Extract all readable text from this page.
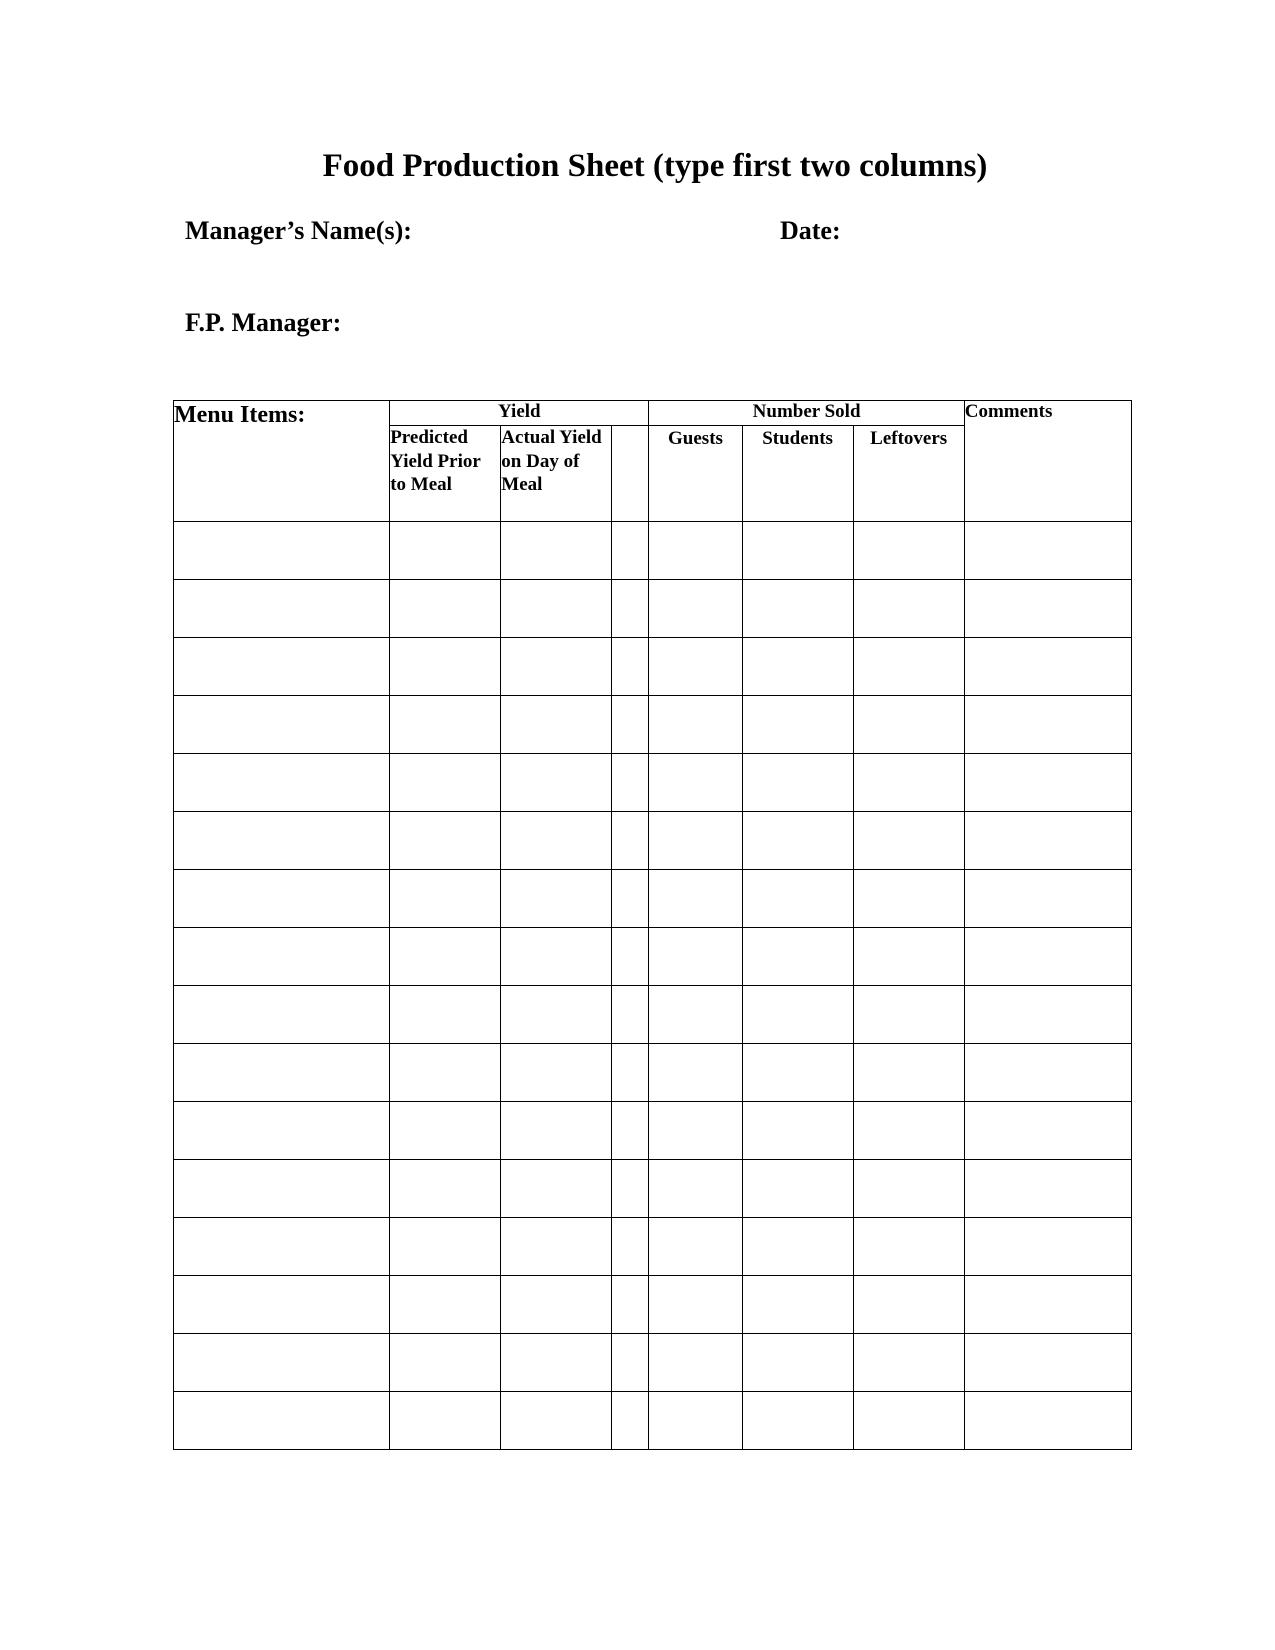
Food Production Sheet (type first two columns)
Manager’s Name(s):	Date:
F.P. Manager:
Menu Items:	Yield			Number Sold			Comments
	Predicted Yield Prior to Meal	Actual Yield on Day of Meal		Guests	Students	Leftovers	
